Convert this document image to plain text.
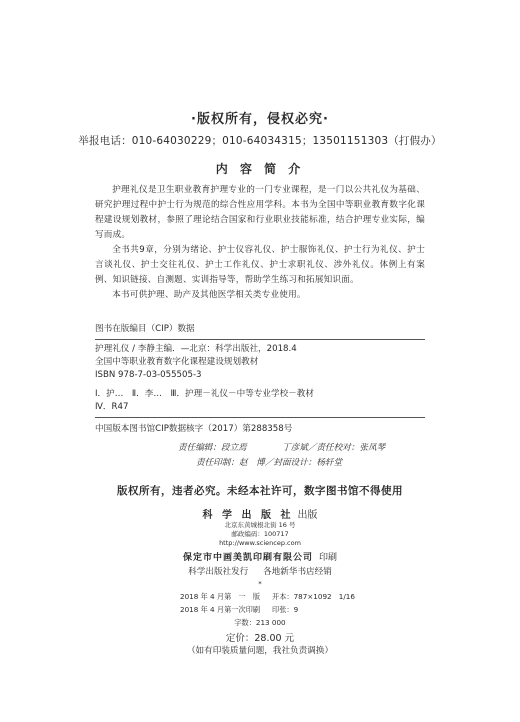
·版权所有，侵权必究·
举报电话：010-64030229；010-64034315；13501151303（打假办）
内 容 简 介

护理礼仪是卫生职业教育护理专业的一门专业课程，是一门以公共礼仪为基础、研究护理过程中护士行为规范的综合性应用学科。本书为全国中等职业教育数字化课程建设规划教材，参照了理论结合国家和行业职业技能标准，结合护理专业实际，编写而成。

全书共9章，分别为绪论、护士仪容礼仪、护士服饰礼仪、护士行为礼仪、护士言谈礼仪、护士交往礼仪、护士工作礼仪、护士求职礼仪、涉外礼仪。体例上有案例、知识链接、自测题、实训指导等，帮助学生练习和拓展知识面。

本书可供护理、助产及其他医学相关类专业使用。

图书在版编目（CIP）数据
护理礼仪 / 李静主编．—北京：科学出版社，2018.4
全国中等职业教育数字化课程建设规划教材
ISBN 978-7-03-055505-3
Ⅰ．护…　Ⅱ．李…　Ⅲ．护理－礼仪－中等专业学校－教材
Ⅳ．R47
中国版本图书馆CIP数据核字（2017）第288358号
责任编辑：段立焉	丁彦斌／责任校对：张凤琴
责任印制：赵　博／封面设计：杨轩堂
版权所有，违者必究。未经本社许可，数字图书馆不得使用
科 学 出 版 社 出版
北京东黄城根北街 16 号
邮政编码：100717
http://www.sciencep.com
保定市中画美凯印刷有限公司 印刷
科学出版社发行 各地新华书店经销
*
2018 年 4 月第　一　版 开本：787×1092　1/16
2018 年 4 月第一次印刷 印张：9
字数：213 000
定价：28.00 元
（如有印装质量问题，我社负责调换）
